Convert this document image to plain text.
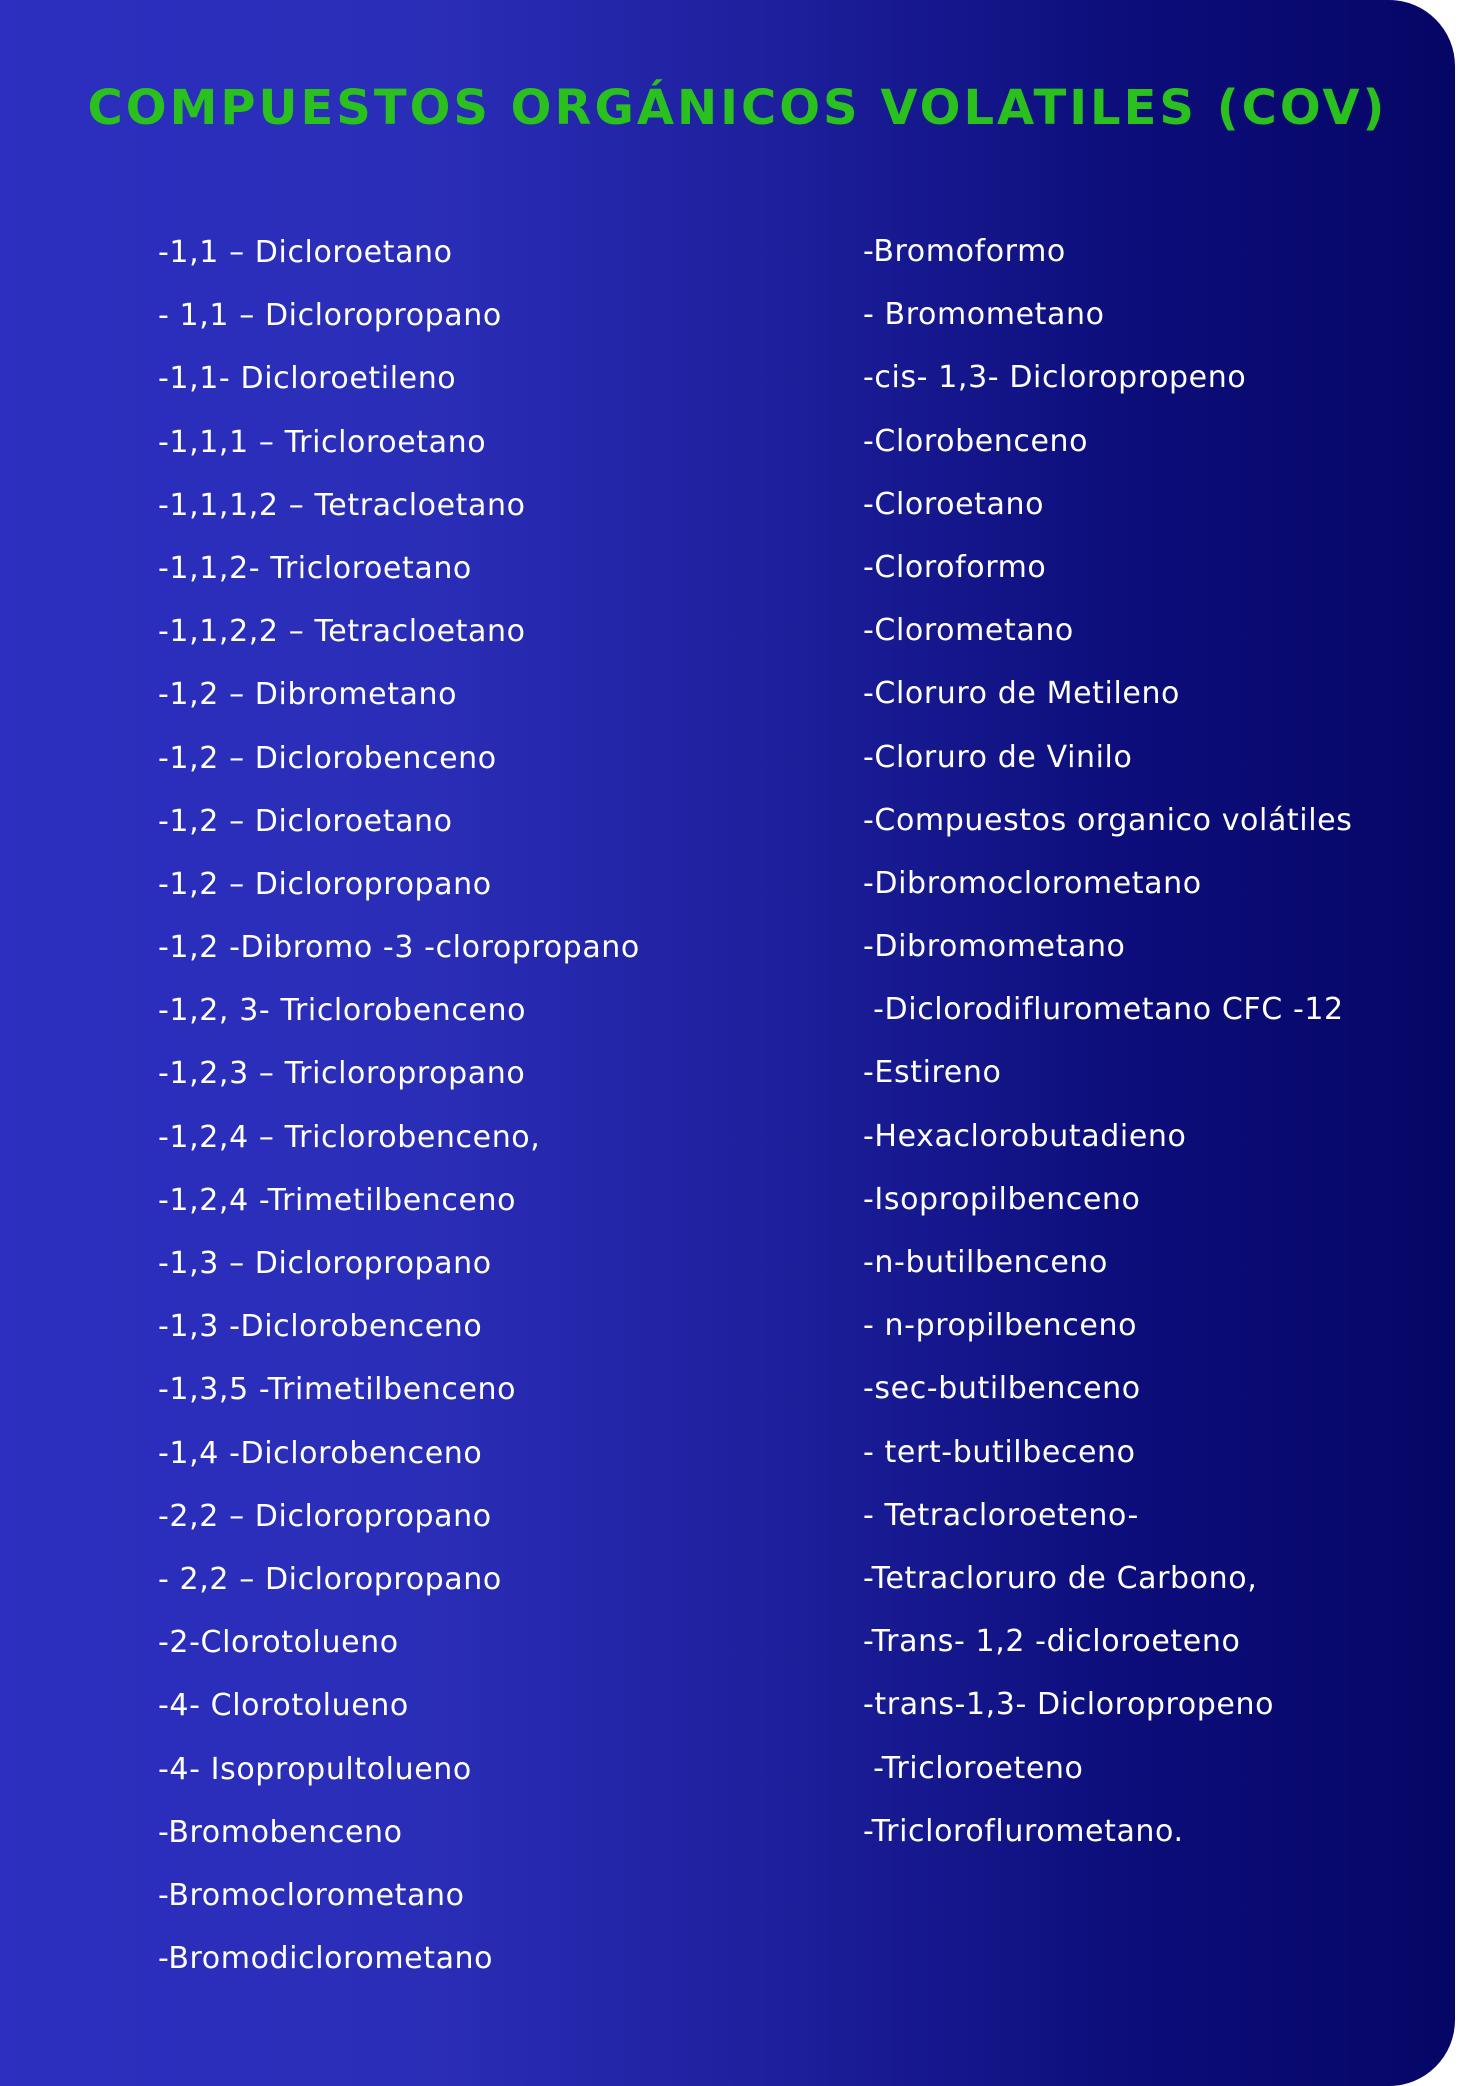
COMPUESTOS ORGÁNICOS VOLATILES (COV)
-1,1 – Dicloroetano
- 1,1 – Dicloropropano
-1,1- Dicloroetileno
-1,1,1 – Tricloroetano
-1,1,1,2 – Tetracloetano
-1,1,2- Tricloroetano
-1,1,2,2 – Tetracloetano
-1,2 – Dibrometano
-1,2 – Diclorobenceno
-1,2 – Dicloroetano
-1,2 – Dicloropropano
-1,2 -Dibromo -3 -cloropropano
-1,2, 3- Triclorobenceno
-1,2,3 – Tricloropropano
-1,2,4 – Triclorobenceno,
-1,2,4 -Trimetilbenceno
-1,3 – Dicloropropano
-1,3 -Diclorobenceno
-1,3,5 -Trimetilbenceno
-1,4 -Diclorobenceno
-2,2 – Dicloropropano
- 2,2 – Dicloropropano
-2-Clorotolueno
-4- Clorotolueno
-4- Isopropultolueno
-Bromobenceno
-Bromoclorometano
-Bromodiclorometano
-Bromoformo
- Bromometano
-cis- 1,3- Dicloropropeno
-Clorobenceno
-Cloroetano
-Cloroformo
-Clorometano
-Cloruro de Metileno
-Cloruro de Vinilo
-Compuestos organico volátiles
-Dibromoclorometano
-Dibromometano
-Diclorodiflurometano CFC -12
-Estireno
-Hexaclorobutadieno
-Isopropilbenceno
-n-butilbenceno
- n-propilbenceno
-sec-butilbenceno
- tert-butilbeceno
- Tetracloroeteno-
-Tetracloruro de Carbono,
-Trans- 1,2 -dicloroeteno
-trans-1,3- Dicloropropeno
-Tricloroeteno
-Tricloroflurometano.
